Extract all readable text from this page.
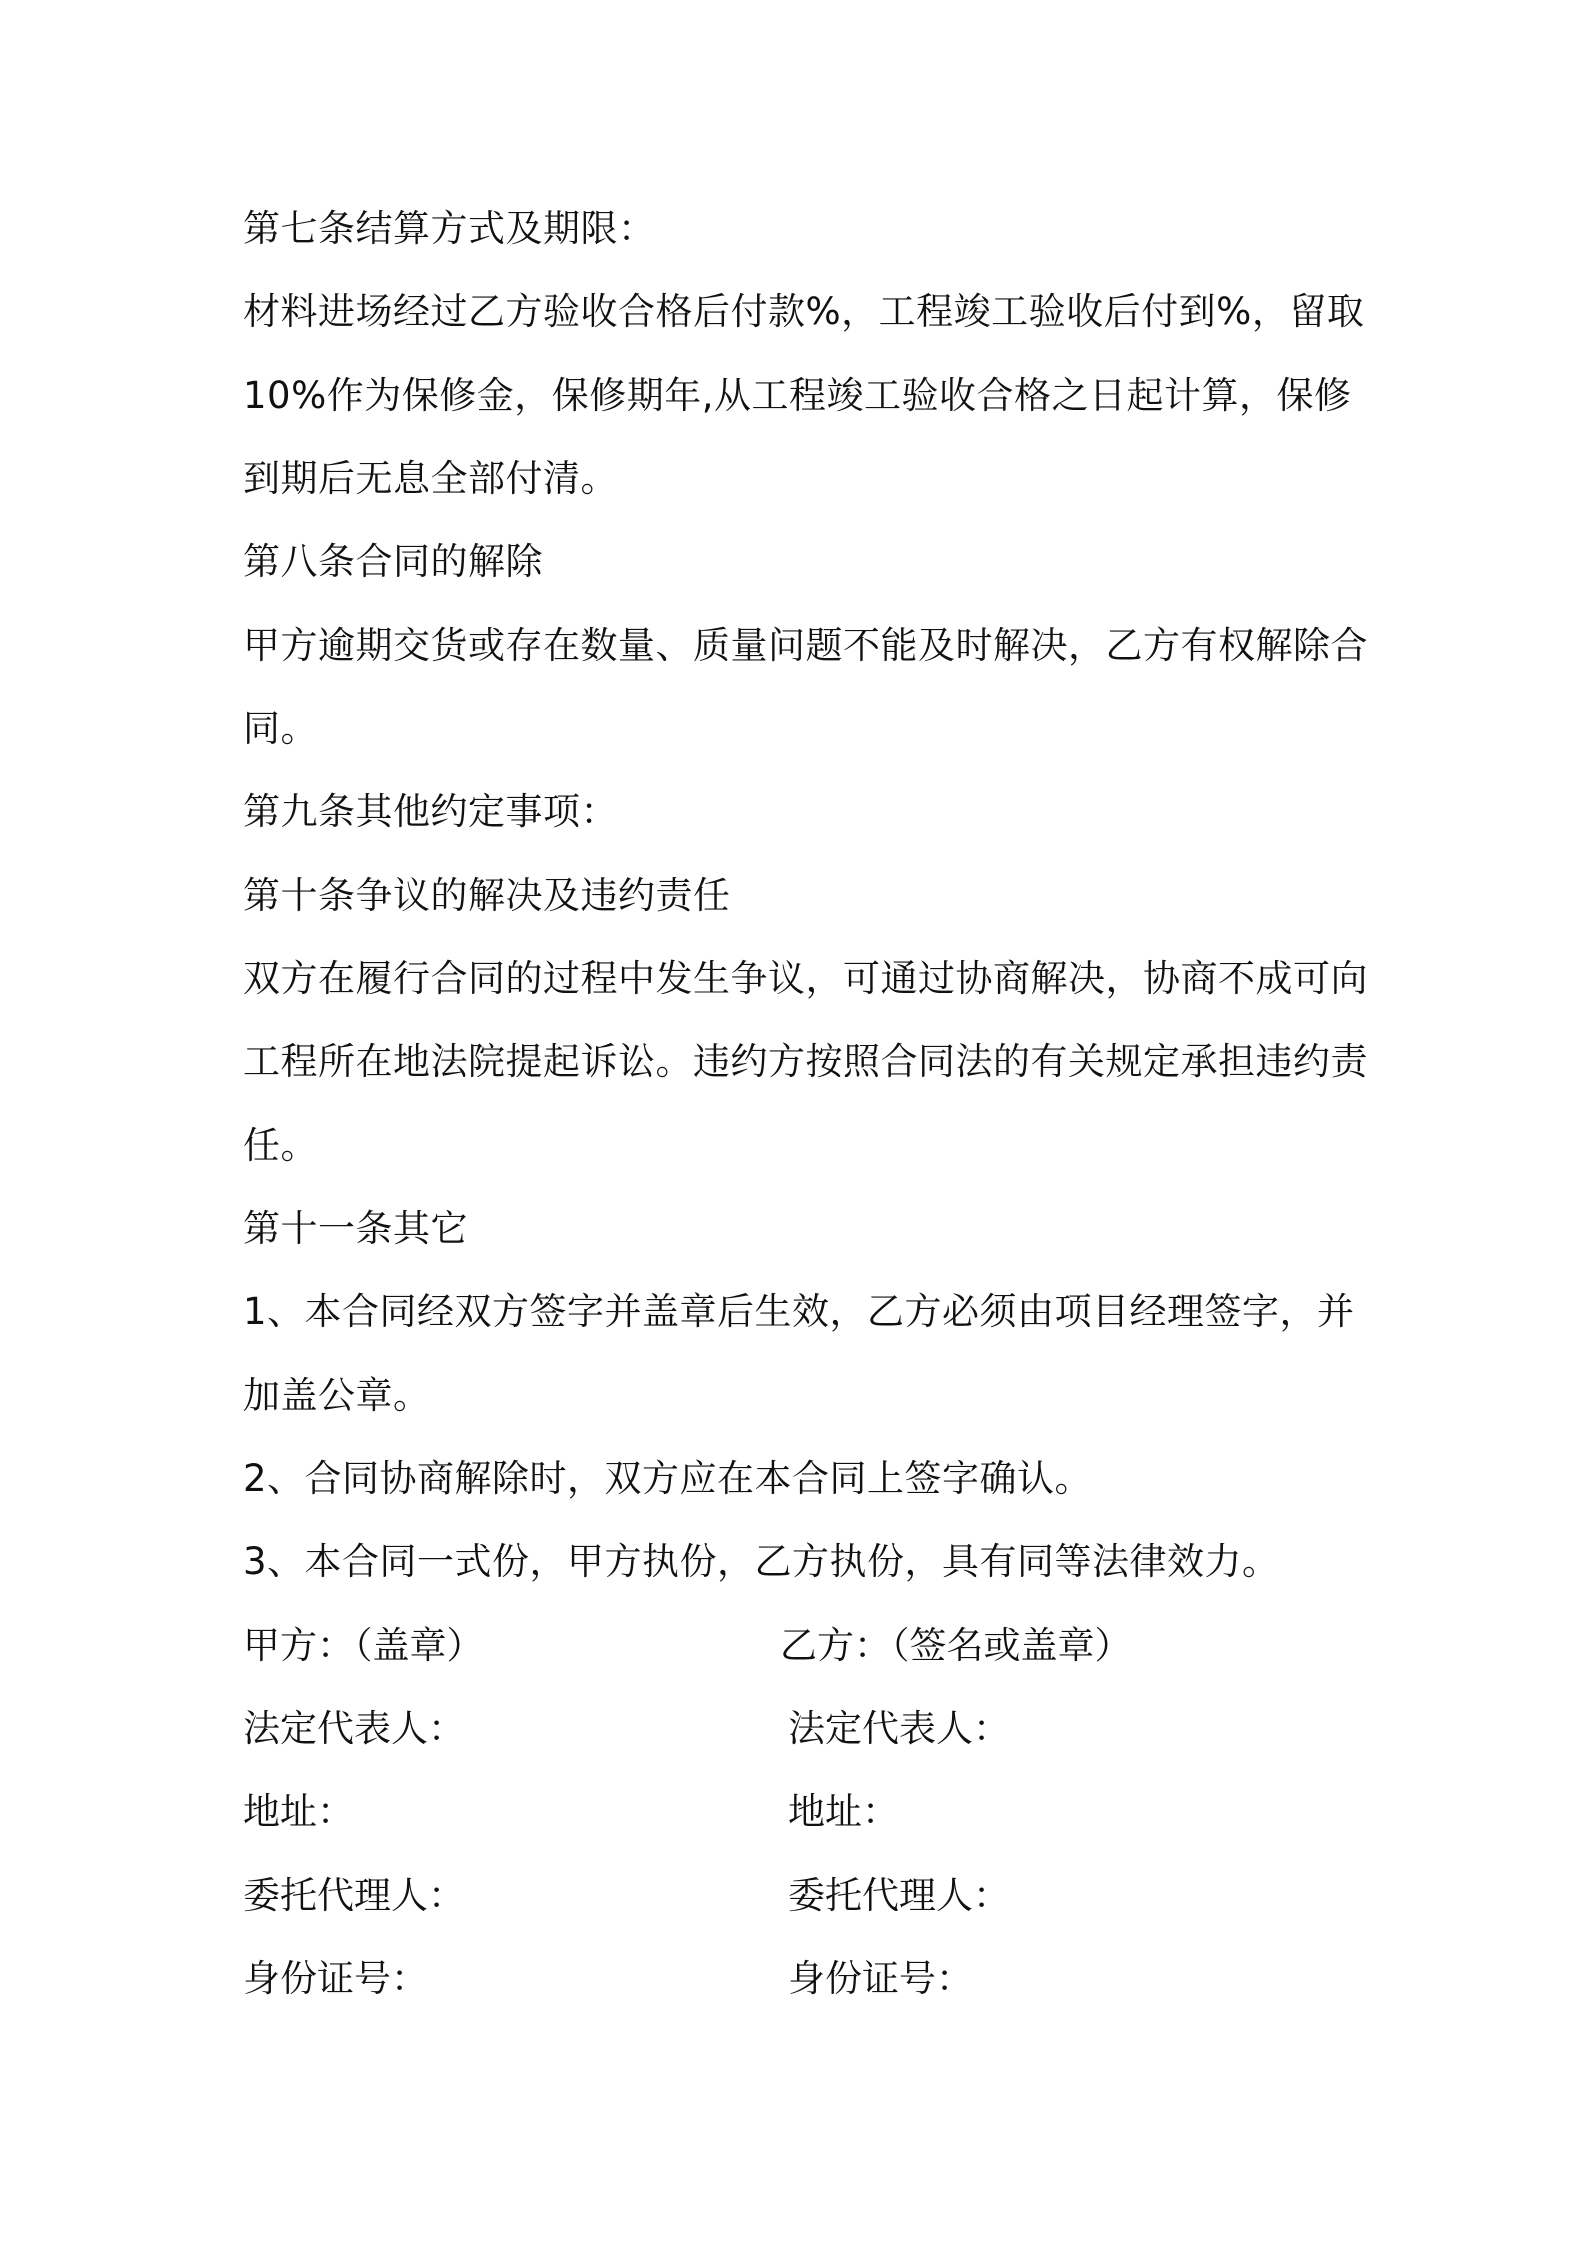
第七条结算方式及期限：
材料进场经过乙方验收合格后付款%，工程竣工验收后付到%，留取
10%作为保修金，保修期年,从工程竣工验收合格之日起计算，保修
到期后无息全部付清。
第八条合同的解除
甲方逾期交货或存在数量、质量问题不能及时解决，乙方有权解除合
同。
第九条其他约定事项：
第十条争议的解决及违约责任
双方在履行合同的过程中发生争议，可通过协商解决，协商不成可向
工程所在地法院提起诉讼。违约方按照合同法的有关规定承担违约责
任。
第十一条其它
1、本合同经双方签字并盖章后生效，乙方必须由项目经理签字，并
加盖公章。
2、合同协商解除时，双方应在本合同上签字确认。
3、本合同一式份，甲方执份，乙方执份，具有同等法律效力。
甲方：（盖章）	乙方：（签名或盖章）
法定代表人：	法定代表人：
地址：	地址：
委托代理人：	委托代理人：
身份证号：	身份证号：
